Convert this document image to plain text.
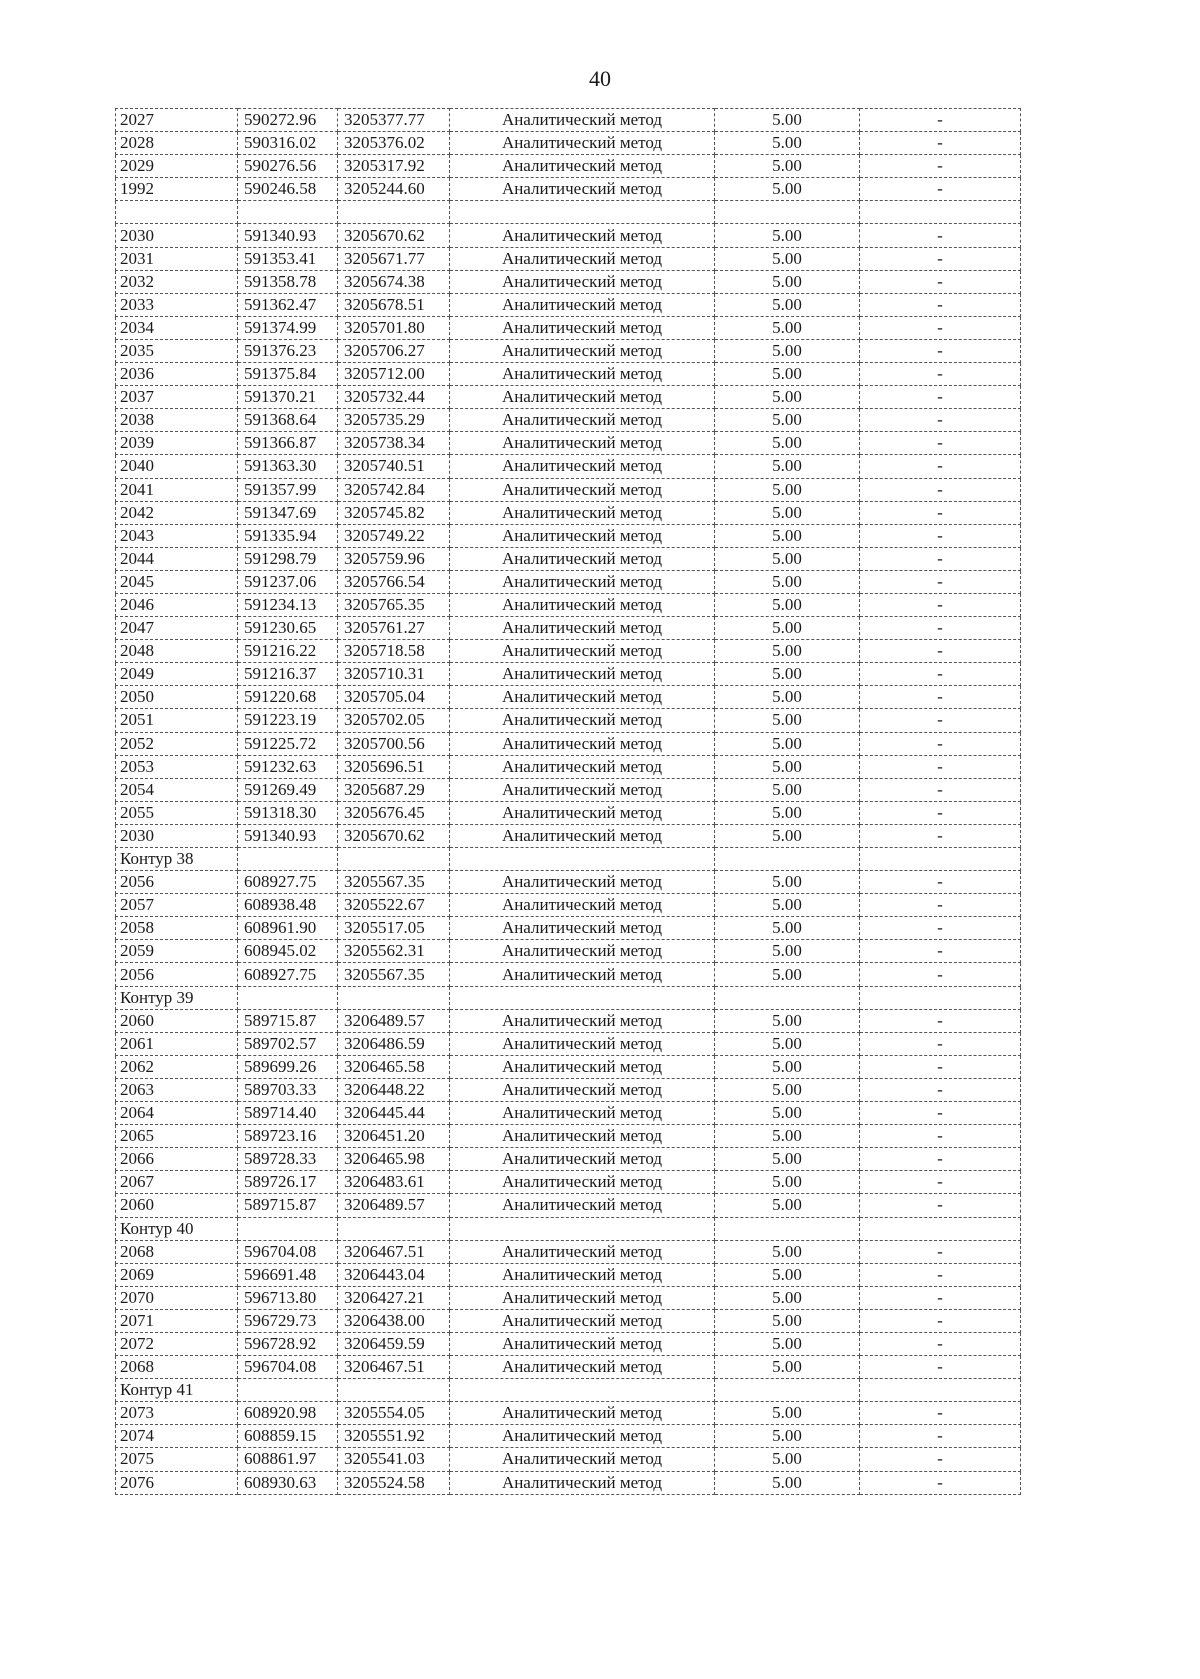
40
2027	590272.96	3205377.77	Аналитический метод	5.00	-
2028	590316.02	3205376.02	Аналитический метод	5.00	-
2029	590276.56	3205317.92	Аналитический метод	5.00	-
1992	590246.58	3205244.60	Аналитический метод	5.00	-

2030	591340.93	3205670.62	Аналитический метод	5.00	-
2031	591353.41	3205671.77	Аналитический метод	5.00	-
2032	591358.78	3205674.38	Аналитический метод	5.00	-
2033	591362.47	3205678.51	Аналитический метод	5.00	-
2034	591374.99	3205701.80	Аналитический метод	5.00	-
2035	591376.23	3205706.27	Аналитический метод	5.00	-
2036	591375.84	3205712.00	Аналитический метод	5.00	-
2037	591370.21	3205732.44	Аналитический метод	5.00	-
2038	591368.64	3205735.29	Аналитический метод	5.00	-
2039	591366.87	3205738.34	Аналитический метод	5.00	-
2040	591363.30	3205740.51	Аналитический метод	5.00	-
2041	591357.99	3205742.84	Аналитический метод	5.00	-
2042	591347.69	3205745.82	Аналитический метод	5.00	-
2043	591335.94	3205749.22	Аналитический метод	5.00	-
2044	591298.79	3205759.96	Аналитический метод	5.00	-
2045	591237.06	3205766.54	Аналитический метод	5.00	-
2046	591234.13	3205765.35	Аналитический метод	5.00	-
2047	591230.65	3205761.27	Аналитический метод	5.00	-
2048	591216.22	3205718.58	Аналитический метод	5.00	-
2049	591216.37	3205710.31	Аналитический метод	5.00	-
2050	591220.68	3205705.04	Аналитический метод	5.00	-
2051	591223.19	3205702.05	Аналитический метод	5.00	-
2052	591225.72	3205700.56	Аналитический метод	5.00	-
2053	591232.63	3205696.51	Аналитический метод	5.00	-
2054	591269.49	3205687.29	Аналитический метод	5.00	-
2055	591318.30	3205676.45	Аналитический метод	5.00	-
2030	591340.93	3205670.62	Аналитический метод	5.00	-
Контур 38					
2056	608927.75	3205567.35	Аналитический метод	5.00	-
2057	608938.48	3205522.67	Аналитический метод	5.00	-
2058	608961.90	3205517.05	Аналитический метод	5.00	-
2059	608945.02	3205562.31	Аналитический метод	5.00	-
2056	608927.75	3205567.35	Аналитический метод	5.00	-
Контур 39					
2060	589715.87	3206489.57	Аналитический метод	5.00	-
2061	589702.57	3206486.59	Аналитический метод	5.00	-
2062	589699.26	3206465.58	Аналитический метод	5.00	-
2063	589703.33	3206448.22	Аналитический метод	5.00	-
2064	589714.40	3206445.44	Аналитический метод	5.00	-
2065	589723.16	3206451.20	Аналитический метод	5.00	-
2066	589728.33	3206465.98	Аналитический метод	5.00	-
2067	589726.17	3206483.61	Аналитический метод	5.00	-
2060	589715.87	3206489.57	Аналитический метод	5.00	-
Контур 40					
2068	596704.08	3206467.51	Аналитический метод	5.00	-
2069	596691.48	3206443.04	Аналитический метод	5.00	-
2070	596713.80	3206427.21	Аналитический метод	5.00	-
2071	596729.73	3206438.00	Аналитический метод	5.00	-
2072	596728.92	3206459.59	Аналитический метод	5.00	-
2068	596704.08	3206467.51	Аналитический метод	5.00	-
Контур 41					
2073	608920.98	3205554.05	Аналитический метод	5.00	-
2074	608859.15	3205551.92	Аналитический метод	5.00	-
2075	608861.97	3205541.03	Аналитический метод	5.00	-
2076	608930.63	3205524.58	Аналитический метод	5.00	-
